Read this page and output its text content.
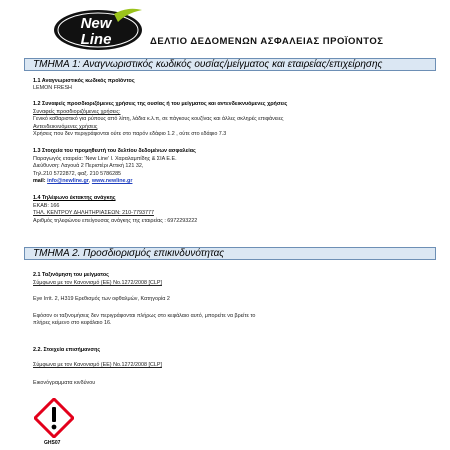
New
Line	ΔΕΛΤΙΟ ΔΕΔΟΜΕΝΩΝ ΑΣΦΑΛΕΙΑΣ ΠΡΟΪΟΝΤΟΣ
ΤΜΗΜΑ 1: Αναγνωριστικός κωδικός ουσίας/μείγματος και εταιρείας/επιχείρησης
1.1 Αναγνωριστικός κωδικός προϊόντος
LEMON FRESH
1.2 Συναφείς προσδιοριζόμενες χρήσεις της ουσίας ή του μείγματος και αντενδεικνυόμενες χρήσεις
Συναφείς προσδιοριζόμενες χρήσεις:
Γενικό καθαριστικό για ρύπους από λίπη, λάδια κ.λ.π, σε πάγκους κουζίνας και άλλες σκληρές επιφάνειες
Αντενδεικνυόμενες χρήσεις
Χρήσεις που δεν περιγράφονται ούτε στο παρόν εδάφιο 1.2 , ούτε στο εδάφιο 7.3
1.3 Στοιχεία του προμηθευτή του δελτίου δεδομένων ασφαλείας
Παραγωγός εταιρεία: 'New Line' Ι. Χαραλαμπίδης & ΣΙΑ Ε.Ε.
Διεύθυνση: Λαγουά 2 Περιστέρι Αττική 121 32,
Τηλ.210 5722872, φαξ. 210 5786285
mail: info@newline.gr, www.newline.gr
1.4 Τηλέφωνο έκτακτης ανάγκης
ΕΚΑΒ: 166
ΤΗΛ. ΚΕΝΤΡΟΥ ΔΗΛΗΤΗΡΙΑΣΕΩΝ: 210-7793777
Αριθμός τηλεφώνου επείγουσας ανάγκης της εταιρείας : 6972293222
ΤΜΗΜΑ 2. Προσδιορισμός επικινδυνότητας
2.1 Ταξινόμηση του μείγματος
Σύμφωνα με τον Κανονισμό (ΕΕ) Νο.1272/2008 [CLP]
Eye Irrit. 2, H319 Ερεθισμός των οφθαλμών, Κατηγορία 2
Εφόσον οι ταξινομήσεις δεν περιγράφονται πλήρως στο κεφάλαιο αυτό, μπορείτε να βρείτε το
πλήρες κείμενο στο κεφάλαιο 16.
2.2. Στοιχεία επισήμανσης
Σύμφωνα με τον Κανονισμό (ΕΕ) Νο.1272/2008 [CLP]
Εικονόγραμματα κινδύνου
GHS07
